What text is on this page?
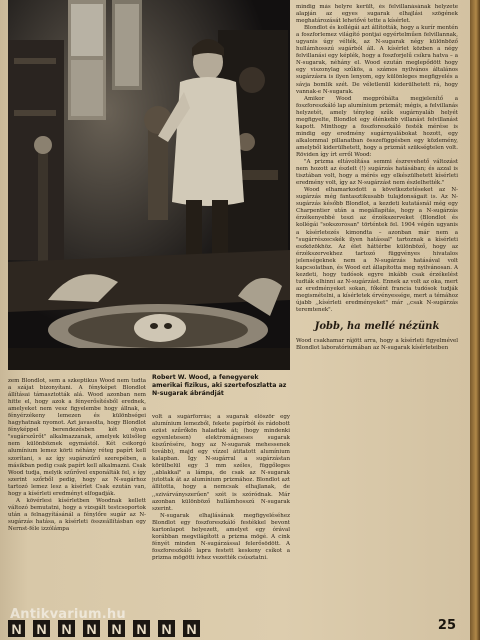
Robert W. Wood, a fenegyerek amerikai fizikus, aki szertefoszlatta az N-sugarak ábrándját

zem Blondlot, sem a szkeptikus Wood nem tudta a szájat bizonyítani. A fényképet Blondlot állításai támasztották alá. Wood azonban nem hitte el, hogy azok a fényerősítésből erednek, amelyeket nem vesz figyelembe hogy állnak, a fényérzékeny lemezen és különbségei hagyhatnak nyomot. Azt javasolta, hogy Blondlot fényképpel berendezésben két olyan "sugárszűrőt" alkalmazzanak, amelyek külsőleg nem különböznek egymástól. Két csikorgó alumínium lemez körti néhány réteg papírt kell szorítani, s az így sugárszűrő szerepében, a másikban pedig csak papírt kell alkalmazni. Csak Wood tudja, melyik szűrővel exponálták fel, s így szerint szőrből pedig, hogy az N-sugárhoz tartozó lemez lesz a kísérlet Csak ezután van, hogy a kísérleti eredményt elfogadják.

A kövérlesi kísérletben Woodnak kellett változó bemutatni, hogy a vizsgált testcsoportok után a felnagyításánál a fénylőre sugár az N-sugárzás hatása, a kísérleti összeállításban egy Nernst-féle izzólámpa

volt a sugárforrás; a sugarak először egy alumínium lemezből, fekete papírból és rádobott ezüst szűrőkön haladtak át; (hogy mindenki egyenletesen) elektromágneses sugarak kiszűrésére, hogy az N-sugarak mehessenek tovább), majd egy vízzel átitatott alumínium kalapban. Így N-sugárral a sugárzástan körülbelül egy 3 mm széles, függőleges ,,ablakkal" a lámpa, de csak az N-sugarak jutottak át az alumínium prizmához. Blondlot azt állította, hogy a nemcsak elhajlanak, de ,,szivárványszerűen" szét is szóródnak. Már azonban különböző hullámhosszú N-sugarak szerint.

N-sugarak elhajlásának megfigyeléséhez Blondlot egy foszforeszkáló festékkel bevont kartonlapot helyezett, amelyet egy órával korábban megvilágított a prizma mögé. A cink fényét minden N-sugárzással felerősödött. A foszforeszkáló lapra festett keskeny csíkot a prizma mögötti ívhez vezették csúsztatni.

mindig más helyre került, és felvillanásának helyzete alapján az egyes sugarak elhajlási szögének meghatározását lehetővé tette a kísérlet.

Blondlot és kollégái azt állították, hogy a kurír mentén a foszforlemez világító pontjai egyértelműen felvillannak, ugyanis úgy vélték, az N-sugarak négy különböző hullámhosszú sugárból áll. A kísérlet közben a négy felvillanási egy képlék, hogy a foszforjelű csíkra hatva – a N-sugarak, néhány el. Wood ezután meglepődött hogy egy viszonylag szűkös, a számos nyilvános általános sugárzásra is ilyen lenyom, egy különleges megfigyelés a sávja bomlik szét. De véletlenül kiderülhetett rá, hogy vannak-e N-sugarak.

Amikor Wood megpróbálta megjelenítő a foszforeszkáló lap alumínium prizmát; mégis, a felvillanás helyzetét, amely tényleg szűk sugárnyaláb helyét megfigyelte, Blondlot egy élénkebb villanást felvillanást kapott. Minthogy a foszforeszkáló festék mérése is mindig egy eredmény sugárnyalábokat hozott, egy alkalommal pillanatban összefüggésben egy közlemény, amelyből kiderülhetett, hogy a prizmát szükségtelen volt. Röviden így írt erről Wood:

"A prizma eltávolítása semmi észrevehető változást nem hozott az észlelt (!) sugárzás hatásában; és azzal is tisztában volt, hogy a mérés egy elkészülhetett kísérleti eredmény volt, így az N-sugárzást nem észlelhették."

Wood elhamarkodott a következtetéseket az N-sugárzás még fantasztikusabb tulajdonságait is. Az N-sugárzás később Blondlot, a kezdeti kutatásnál még egy Charpentier után a megállapítás, hogy a N-sugárzás érzékenyebbé teszi az érzékszerveket (Blondlot és kollégái "sokszorosan" történtek fel. 1904 végén ugyanis a kísérletezés kimondta – azonban már nem a "sugárrészecskék ilyen hatással" tartoznak a kísérleti eszközökhöz. Az élet háttérbe különböző, hogy az érzékszervekhez tartozó függvényes hivatalos jelenségeknek nem a N-sugárzás hatásával volt kapcsolatban, és Wood ezt állapította meg nyilvánosan. A kezdeti, hogy tudósok egyre inkább csak érzékelést tudták elhinni az N-sugárzást. Ennek az volt az oka, mert az eredményeket sokan, főként francia tudósok tudják megismételni, a kísérletek érvényessége, mert a témához újabb ,,kísérleti eredményeket" már ,,csak N-sugárzás teremtenek".

Jobb, ha mellé nézünk

Wood csakhamar rájött arra, hogy a kísérleti figyelmével Blondlot laboratóriumában az N-sugarak kísérleteiben

N N N N N N N N
Antikvarium.hu
25
